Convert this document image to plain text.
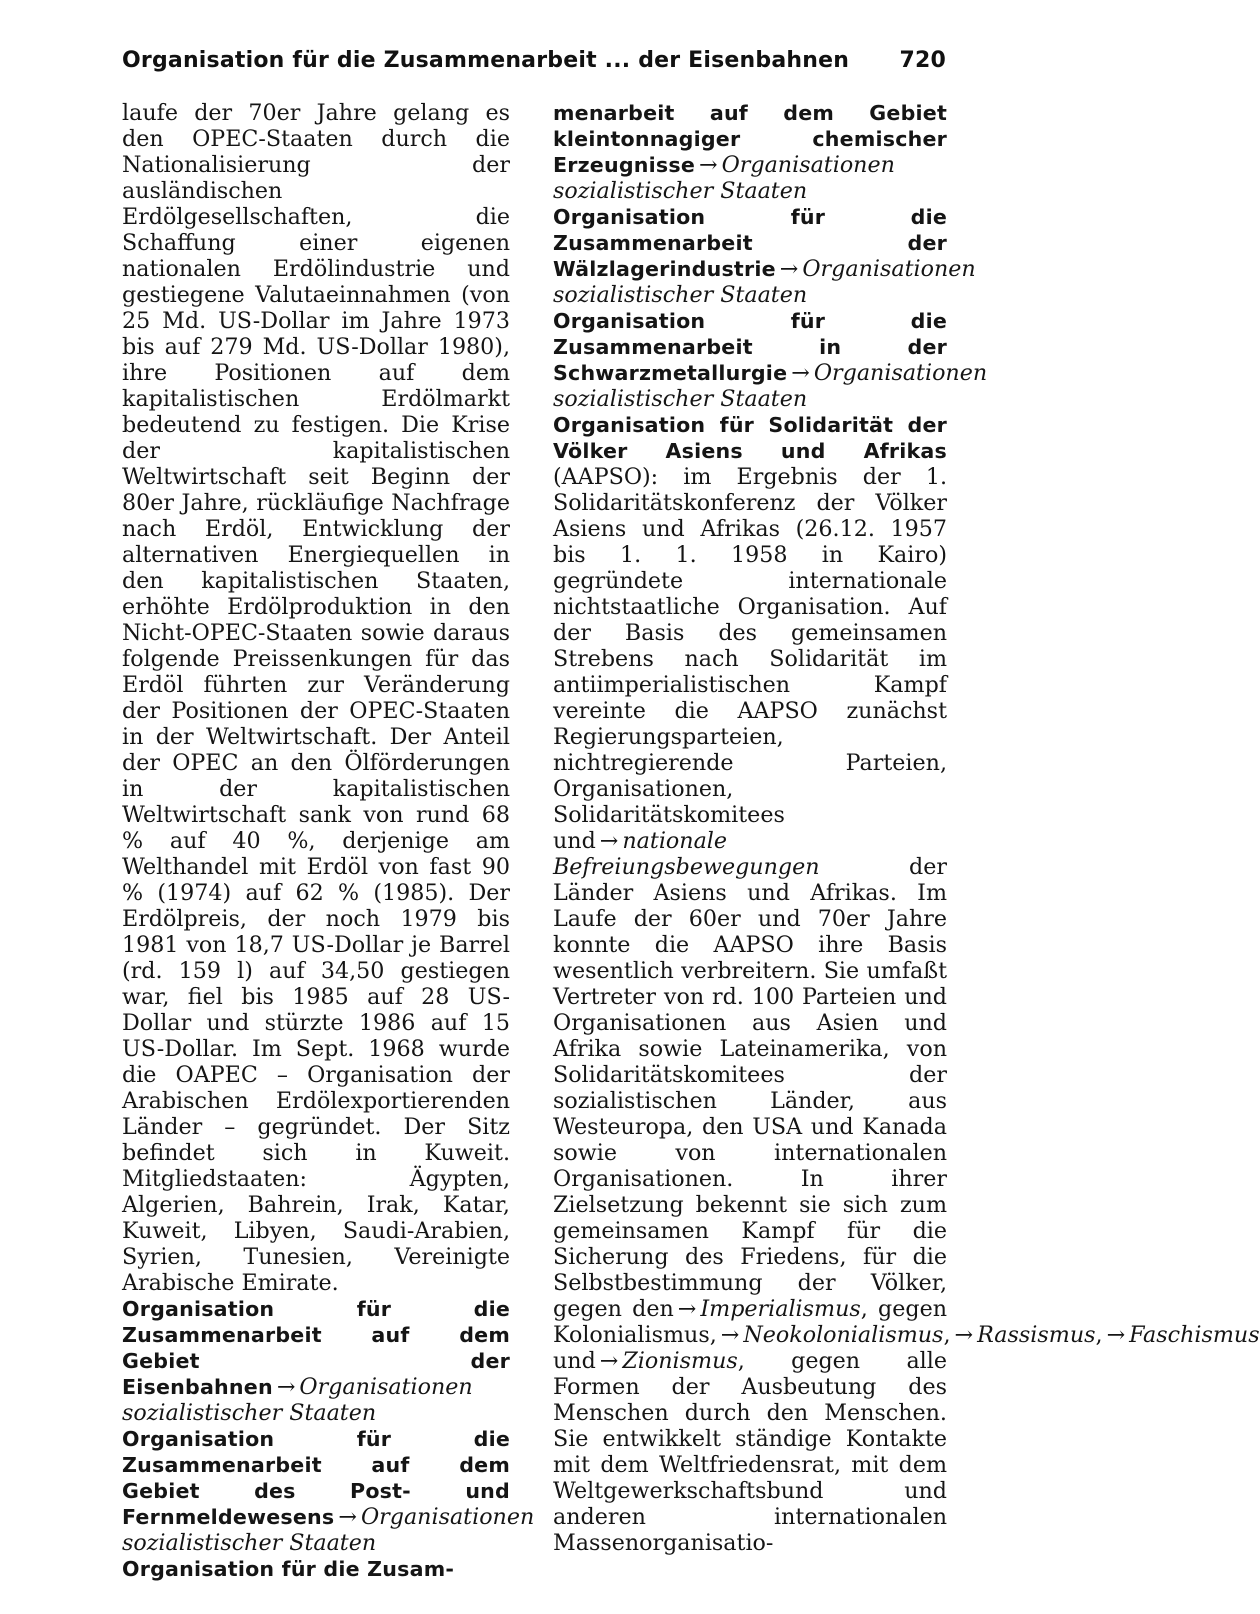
Organisation für die Zusammenarbeit ... der Eisenbahnen 720

laufe der 70er Jahre gelang es den OPEC-Staaten durch die Nationalisierung der ausländischen Erdölgesellschaften, die Schaffung einer eigenen nationalen Erdölindustrie und gestiegene Valutaeinnahmen (von 25 Md. US-Dollar im Jahre 1973 bis auf 279 Md. US-Dollar 1980), ihre Positionen auf dem kapitalistischen Erdölmarkt bedeutend zu festigen. Die Krise der kapitalistischen Weltwirtschaft seit Beginn der 80er Jahre, rückläufige Nachfrage nach Erdöl, Entwicklung der alternativen Energiequellen in den kapitalistischen Staaten, erhöhte Erdölproduktion in den Nicht-OPEC-Staaten sowie daraus folgende Preissenkungen für das Erdöl führten zur Veränderung der Positionen der OPEC-Staaten in der Weltwirtschaft. Der Anteil der OPEC an den Ölförderungen in der kapitalistischen Weltwirtschaft sank von rund 68 % auf 40 %, derjenige am Welthandel mit Erdöl von fast 90 % (1974) auf 62 % (1985). Der Erdölpreis, der noch 1979 bis 1981 von 18,7 US-Dollar je Barrel (rd. 159 l) auf 34,50 gestiegen war, fiel bis 1985 auf 28 US-Dollar und stürzte 1986 auf 15 US-Dollar. Im Sept. 1968 wurde die OAPEC – Organisation der Arabischen Erdölexportierenden Länder – gegründet. Der Sitz befindet sich in Kuweit. Mitgliedstaaten: Ägypten, Algerien, Bahrein, Irak, Katar, Kuweit, Libyen, Saudi-Arabien, Syrien, Tunesien, Vereinigte Arabische Emirate.

Organisation für die Zusammenarbeit auf dem Gebiet der Eisenbahnen → Organisationen sozialistischer Staaten

Organisation für die Zusammenarbeit auf dem Gebiet des Post- und Fernmeldewesens → Organisationen sozialistischer Staaten

Organisation für die Zusam-

menarbeit auf dem Gebiet kleintonnagiger chemischer Erzeugnisse → Organisationen sozialistischer Staaten

Organisation für die Zusammenarbeit der Wälzlagerindustrie → Organisationen sozialistischer Staaten

Organisation für die Zusammenarbeit in der Schwarzmetallurgie → Organisationen sozialistischer Staaten

Organisation für Solidarität der Völker Asiens und Afrikas (AAPSO): im Ergebnis der 1. Solidaritätskonferenz der Völker Asiens und Afrikas (26.12. 1957 bis 1. 1. 1958 in Kairo) gegründete internationale nichtstaatliche Organisation. Auf der Basis des gemeinsamen Strebens nach Solidarität im antiimperialistischen Kampf vereinte die AAPSO zunächst Regierungsparteien, nichtregierende Parteien, Organisationen, Solidaritätskomitees und → nationale Befreiungsbewegungen	der Länder Asiens und Afrikas. Im Laufe der 60er und 70er Jahre konnte die AAPSO ihre Basis wesentlich verbreitern. Sie umfaßt Vertreter von rd. 100 Parteien und Organisationen aus Asien und Afrika sowie Lateinamerika, von Solidaritätskomitees der sozialistischen Länder, aus Westeuropa, den USA und Kanada sowie von internationalen Organisationen. In ihrer Zielsetzung bekennt sie sich zum gemeinsamen Kampf für die Sicherung des Friedens, für die Selbstbestimmung der Völker, gegen den → Imperialismus, gegen Kolonialismus, → Neokolonialismus, → Rassismus, → Faschismus und → Zionismus, gegen alle Formen der Ausbeutung des Menschen durch den Menschen. Sie entwikkelt ständige Kontakte mit dem Weltfriedensrat, mit dem Weltgewerkschaftsbund und anderen internationalen Massenorganisatio-
